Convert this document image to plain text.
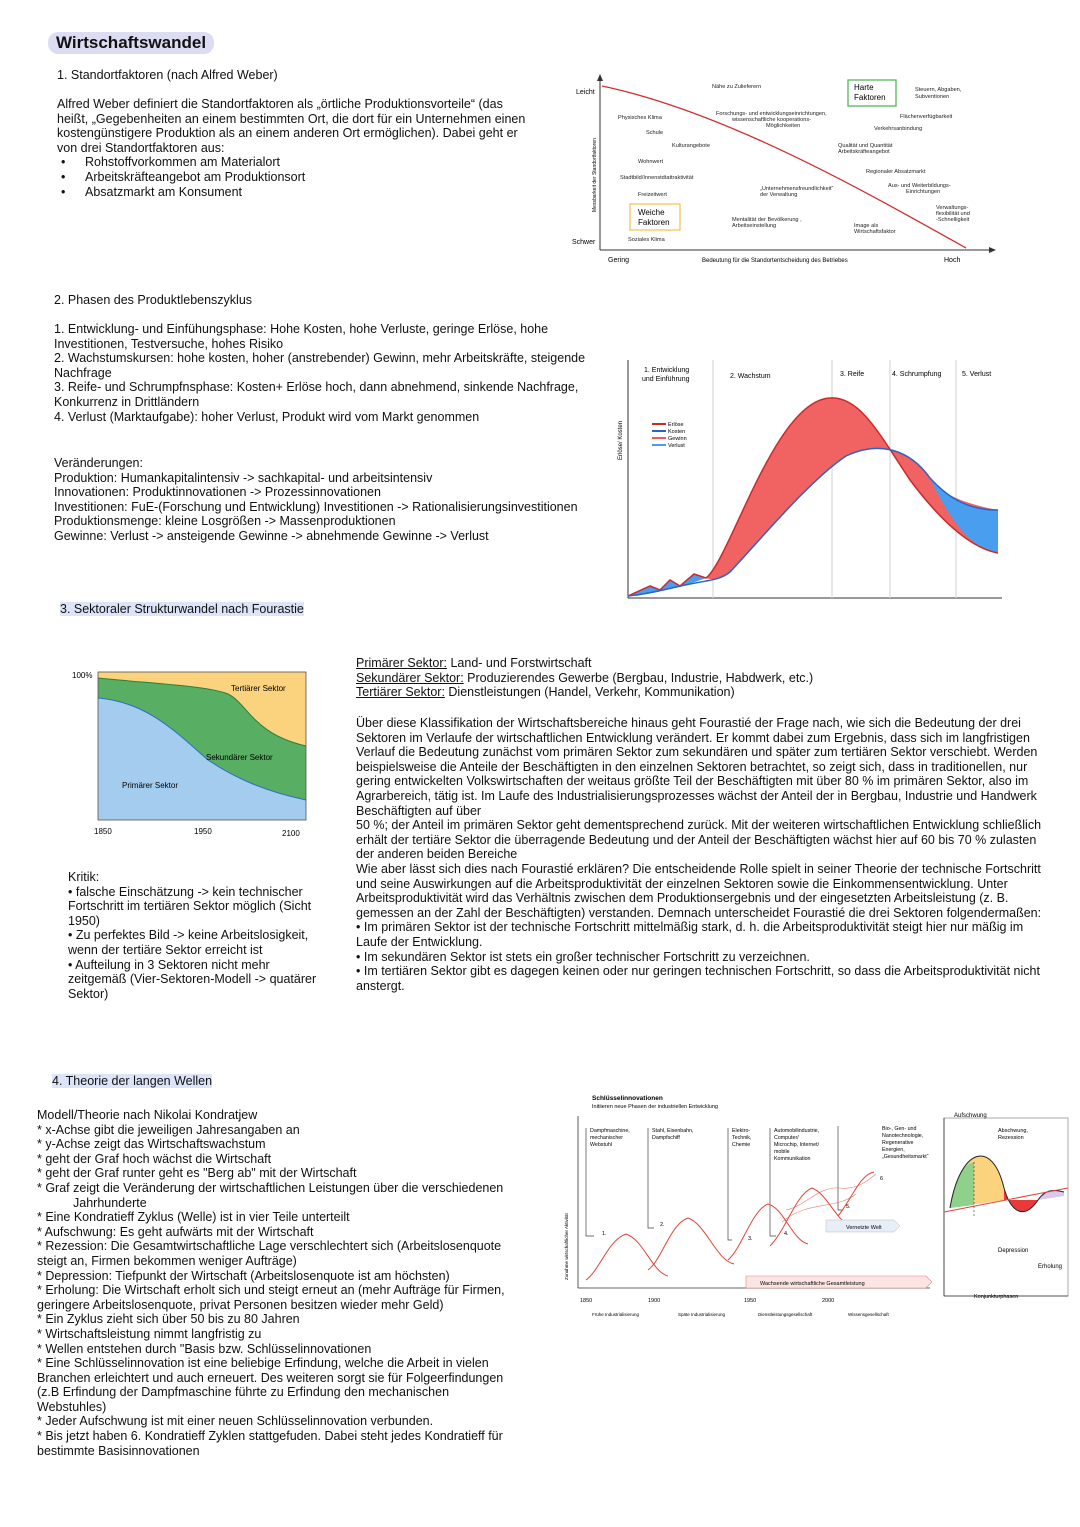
Wirtschaftswandel
1. Standortfaktoren (nach Alfred Weber)

Alfred Weber definiert die Standortfaktoren als „örtliche Produktionsvorteile“ (das heißt, „Gegebenheiten an einem bestimmten Ort, die dort für ein Unternehmen einen kostengünstigere Produktion als an einem anderen Ort ermöglichen). Dabei geht er von drei Standortfaktoren aus:

• Rohstoffvorkommen am Materialort
• Arbeitskräfteangebot am Produktionsort
• Absatzmarkt am Konsument
Leicht
Schwer
Messbarkeit der Standortfaktoren
Gering	Bedeutung für die Standortentscheidung des Betriebes	Hoch
Harte
Faktoren
Weiche
Faktoren
Nähe zu Zulieferern	Steuern, Abgaben,
Subventionen
Physisches Klima
Forschungs- und entwicklungseinrichtungen,
wissenschaftliche kooperations-
Möglichkeiten
Flächenverfügbarkeit
Schule
Verkehrsanbindung
Kulturangebote	Qualität und Quantität
Arbeitskräfteangebot
Wohnwert
Regionaler Absatzmarkt
Stadtbild/Innenstdtattraktivität
„Unternehmensfreundlichkeit“
der Verwaltung
Aus- und Weiterbildungs-
Einrichtungen
Freizeitwert
Verwaltungs-
flexibilität und
-Schnelligkeit
Mentalität der Bevölkerung ,
Arbeitseinstellung	Image als
Wirtschaftsfaktor
Soziales Klima
2. Phasen des Produktlebenszyklus
1. Entwicklung- und Einfühungsphase: Hohe Kosten, hohe Verluste, geringe Erlöse, hohe Investitionen, Testversuche, hohes Risiko
2. Wachstumskursen: hohe kosten, hoher (anstrebender) Gewinn, mehr Arbeitskräfte, steigende Nachfrage
3. Reife- und Schrumpfnsphase: Kosten+ Erlöse hoch, dann abnehmend, sinkende Nachfrage, Konkurrenz in Drittländern
4. Verlust (Marktaufgabe): hoher Verlust, Produkt wird vom Markt genommen
Veränderungen:
Produktion: Humankapitalintensiv -> sachkapital- und arbeitsintensiv
Innovationen: Produktinnovationen -> Prozessinnovationen
Investitionen: FuE-(Forschung und Entwicklung) Investitionen -> Rationalisierungsinvestitionen
Produktionsmenge: kleine Losgrößen -> Massenproduktionen
Gewinne: Verlust -> ansteigende Gewinne -> abnehmende Gewinne -> Verlust
Erlöse/ Kosten
1. Entwicklung
und Einführung	2. Wachstum	3. Reife	4. Schrumpfung	5. Verlust
Erlöse
Kosten
Gewinn
Verlust
3. Sektoraler Strukturwandel nach Fourastie
100%
Tertiärer Sektor
Sekundärer Sektor
Primärer Sektor
1850	1950	2100
Primärer Sektor: Land- und Forstwirtschaft
Sekundärer Sektor: Produzierendes Gewerbe (Bergbau, Industrie, Habdwerk, etc.)
Tertiärer Sektor: Dienstleistungen (Handel, Verkehr, Kommunikation)

Über diese Klassifikation der Wirtschaftsbereiche hinaus geht Fourastié der Frage nach, wie sich die Bedeutung der drei Sektoren im Verlaufe der wirtschaftlichen Entwicklung verändert. Er kommt dabei zum Ergebnis, dass sich im langfristigen Verlauf die Bedeutung zunächst vom primären Sektor zum sekundären und später zum tertiären Sektor verschiebt. Werden beispielsweise die Anteile der Beschäftigten in den einzelnen Sektoren betrachtet, so zeigt sich, dass in traditionellen, nur gering entwickelten Volkswirtschaften der weitaus größte Teil der Beschäftigten mit über 80 % im primären Sektor, also im Agrarbereich, tätig ist. Im Laufe des Industrialisierungsprozesses wächst der Anteil der in Bergbau, Industrie und Handwerk Beschäftigten auf über

50 %; der Anteil im primären Sektor geht dementsprechend zurück. Mit der weiteren wirtschaftlichen Entwicklung schließlich erhält der tertiäre Sektor die überragende Bedeutung und der Anteil der Beschäftigten wächst hier auf 60 bis 70 % zulasten der anderen beiden Bereiche

Wie aber lässt sich dies nach Fourastié erklären? Die entscheidende Rolle spielt in seiner Theorie der technische Fortschritt und seine Auswirkungen auf die Arbeitsproduktivität der einzelnen Sektoren sowie die Einkommensentwicklung. Unter Arbeitsproduktivität wird das Verhältnis zwischen dem Produktionsergebnis und der eingesetzten Arbeitsleistung (z. B. gemessen an der Zahl der Beschäftigten) verstanden. Demnach unterscheidet Fourastié die drei Sektoren folgendermaßen:

• Im primären Sektor ist der technische Fortschritt mittelmäßig stark, d. h. die Arbeitsproduktivität steigt hier nur mäßig im Laufe der Entwicklung.

• Im sekundären Sektor ist stets ein großer technischer Fortschritt zu verzeichnen.

• Im tertiären Sektor gibt es dagegen keinen oder nur geringen technischen Fortschritt, so dass die Arbeitsproduktivität nicht anstergt.

Kritik:

• falsche Einschätzung -> kein technischer Fortschritt im tertiären Sektor möglich (Sicht 1950)

• Zu perfektes Bild -> keine Arbeitslosigkeit, wenn der tertiäre Sektor erreicht ist

• Aufteilung in 3 Sektoren nicht mehr zeitgemäß (Vier-Sektoren-Modell -> quatärer Sektor)

4. Theorie der langen Wellen

Modell/Theorie nach Nikolai Kondratjew

* x-Achse gibt die jeweiligen Jahresangaben an

* y-Achse zeigt das Wirtschaftswachstum

* geht der Graf hoch wächst die Wirtschaft

* geht der Graf runter geht es "Berg ab" mit der Wirtschaft

* Graf zeigt die Veränderung der wirtschaftlichen Leistungen über die verschiedenen

Jahrhunderte

* Eine Kondratieff Zyklus (Welle) ist in vier Teile unterteilt

* Aufschwung: Es geht aufwärts mit der Wirtschaft

* Rezession: Die Gesamtwirtschaftliche Lage verschlechtert sich (Arbeitslosenquote steigt an, Firmen bekommen weniger Aufträge)

* Depression: Tiefpunkt der Wirtschaft (Arbeitslosenquote ist am höchsten)

* Erholung: Die Wirtschaft erholt sich und steigt erneut an (mehr Aufträge für Firmen,

geringere Arbeitslosenquote, privat Personen besitzen wieder mehr Geld)

* Ein Zyklus zieht sich über 50 bis zu 80 Jahren

* Wirtschaftsleistung nimmt langfristig zu

* Wellen entstehen durch "Basis bzw. Schlüsselinnovationen

* Eine Schlüsselinnovation ist eine beliebige Erfindung, welche die Arbeit in vielen Branchen erleichtert und auch erneuert. Des weiteren sorgt sie für Folgeerfindungen (z.B Erfindung der Dampfmaschine führte zu Erfindung den mechanischen Webstuhles)

* Jeder Aufschwung ist mit einer neuen Schlüsselinnovation verbunden.

* Bis jetzt haben 6. Kondratieff Zyklen stattgefuden. Dabei steht jedes Kondratieff für bestimmte Basisinnovationen

Schlüsselinnovationen
Initiieren neue Phasen der industriellen Entwicklung
Zunahme wirtschaftlicher Aktivität
Dampfmaschine,
mechanischer
Webstuhl
Stahl, Eisenbahn,
Dampfschiff
Elektro-
Technik,
Chemie
Automobilindustrie,
Computer/
Microchip, Internet/
mobile
Kommunikation
Bio-, Gen- und
Nanotechnologie,
Regenerative
Energien,
„Gesundheitsmarkt“
1.
2.
3.
4.
5.
6
Vernetzte Welt
Wachsende wirtschaftliche Gesamtleistung
1850	1900	1950	2000
Frühe Industrialisierung	Späte Industrialisierung	Dienstleistungsgesellschaft	Wissensgesellschaft
Aufschwung
Abschwung,
Rezession
Depression
Erholung
Konjunkturphasen
